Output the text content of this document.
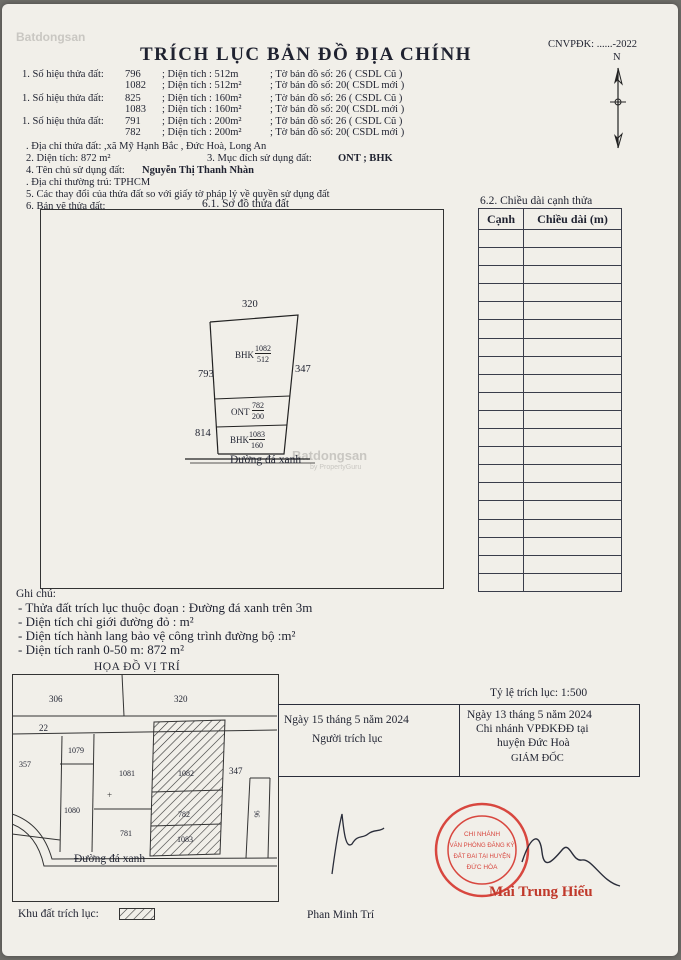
Batdongsan
Batdongsan
by PropertyGuru
CNVPĐK: ......-2022
TRÍCH LỤC BẢN ĐỒ ĐỊA CHÍNH	N
1. Số hiệu thửa đất: 796 ; Diện tích : 512m	; Tờ bản đồ số: 26 ( CSDL Cũ )
1082 ; Diện tích : 512m²	; Tờ bản đồ số: 20( CSDL mới )
1. Số hiệu thửa đất: 825 ; Diện tích : 160m²	; Tờ bản đồ số: 26 ( CSDL Cũ )
1083 ; Diện tích : 160m²	; Tờ bản đồ số: 20( CSDL mới )
1. Số hiệu thửa đất: 791 ; Diện tích : 200m²	; Tờ bản đồ số: 26 ( CSDL Cũ )
782 ; Diện tích : 200m²	; Tờ bản đồ số: 20( CSDL mới )
. Địa chỉ thửa đất: ,xã Mỹ Hạnh Bắc , Đức Hoà, Long An
2. Diện tích: 872 m²	3. Mục đích sử dụng đất: ONT ; BHK
4. Tên chủ sử dụng đất: Nguyễn Thị Thanh Nhàn
. Địa chỉ thường trú: TPHCM
5. Các thay đổi của thửa đất so với giấy tờ pháp lý về quyền sử dụng đất
6. Bản vẽ thửa đất:	6.1. Sơ đồ thửa đất	6.2. Chiều dài cạnh thửa
320
793	347
814
BHK
1082
512
ONT
782
200
BHK
1083
160
Đường đá xanh
Cạnh	Chiều dài (m)

Ghi chú:
- Thửa đất trích lục thuộc đoạn : Đường đá xanh trên 3m
- Diện tích chỉ giới đường đỏ : m²
- Diện tích hành lang bảo vệ công trình đường bộ :m²
- Diện tích ranh 0-50 m: 872 m²
HỌA ĐỒ VỊ TRÍ
+
306	320
22
357
1079
1081	1082	347
1080
781
782
1083
96
Đường đá xanh
Khu đất trích lục:
Tỷ lệ trích lục: 1:500
Ngày 15 tháng 5 năm 2024
Người trích lục
Ngày 13 tháng 5 năm 2024
Chi nhánh VPĐKĐĐ tại
huyện Đức Hoà
GIÁM ĐỐC
Phan Minh Trí
CHI NHÁNH
VĂN PHÒNG ĐĂNG KÝ
ĐẤT ĐAI TẠI HUYỆN
ĐỨC HÒA
Mai Trung Hiếu
